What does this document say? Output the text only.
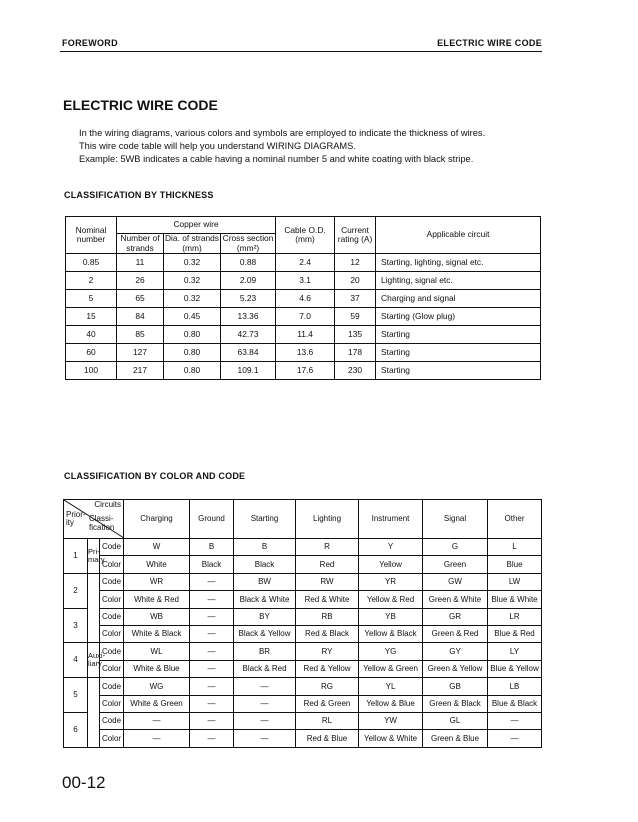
FOREWORD	ELECTRIC WIRE CODE
ELECTRIC WIRE CODE
In the wiring diagrams, various colors and symbols are employed to indicate the thickness of wires.
This wire code table will help you understand WIRING DIAGRAMS.
Example: 5WB indicates a cable having a nominal number 5 and white coating with black stripe.
CLASSIFICATION BY THICKNESS
Nominal number	Copper wire			Cable O.D. (mm)	Current rating (A)	Applicable circuit
	Number of strands	Dia. of strands (mm)	Cross section (mm²)			
0.85	11	0.32	0.88	2.4	12	Starting, lighting, signal etc.
2	26	0.32	2.09	3.1	20	Lighting, signal etc.
5	65	0.32	5.23	4.6	37	Charging and signal
15	84	0.45	13.36	7.0	59	Starting (Glow plug)
40	85	0.80	42.73	11.4	135	Starting
60	127	0.80	63.84	13.6	178	Starting
100	217	0.80	109.1	17.6	230	Starting
CLASSIFICATION BY COLOR AND CODE
Circuits
Prior-
ity Classi-
fication			Charging	Ground	Starting	Lighting	Instrument	Signal	Other
1	Pri-
mary	Code	W	B	B	R	Y	G	L
		Color	White	Black	Black	Red	Yellow	Green	Blue
2		Code	WR	—	BW	RW	YR	GW	LW
		Color	White & Red	—	Black & White	Red & White	Yellow & Red	Green & White	Blue & White
3		Code	WB	—	BY	RB	YB	GR	LR
		Color	White & Black	—	Black & Yellow	Red & Black	Yellow & Black	Green & Red	Blue & Red
4	Auxi-
liary	Code	WL	—	BR	RY	YG	GY	LY
		Color	White & Blue	—	Black & Red	Red & Yellow	Yellow & Green	Green & Yellow	Blue & Yellow
5		Code	WG	—	—	RG	YL	GB	LB
		Color	White & Green	—	—	Red & Green	Yellow & Blue	Green & Black	Blue & Black
6		Code	—	—	—	RL	YW	GL	—
		Color	—	—	—	Red & Blue	Yellow & White	Green & Blue	—
00-12
